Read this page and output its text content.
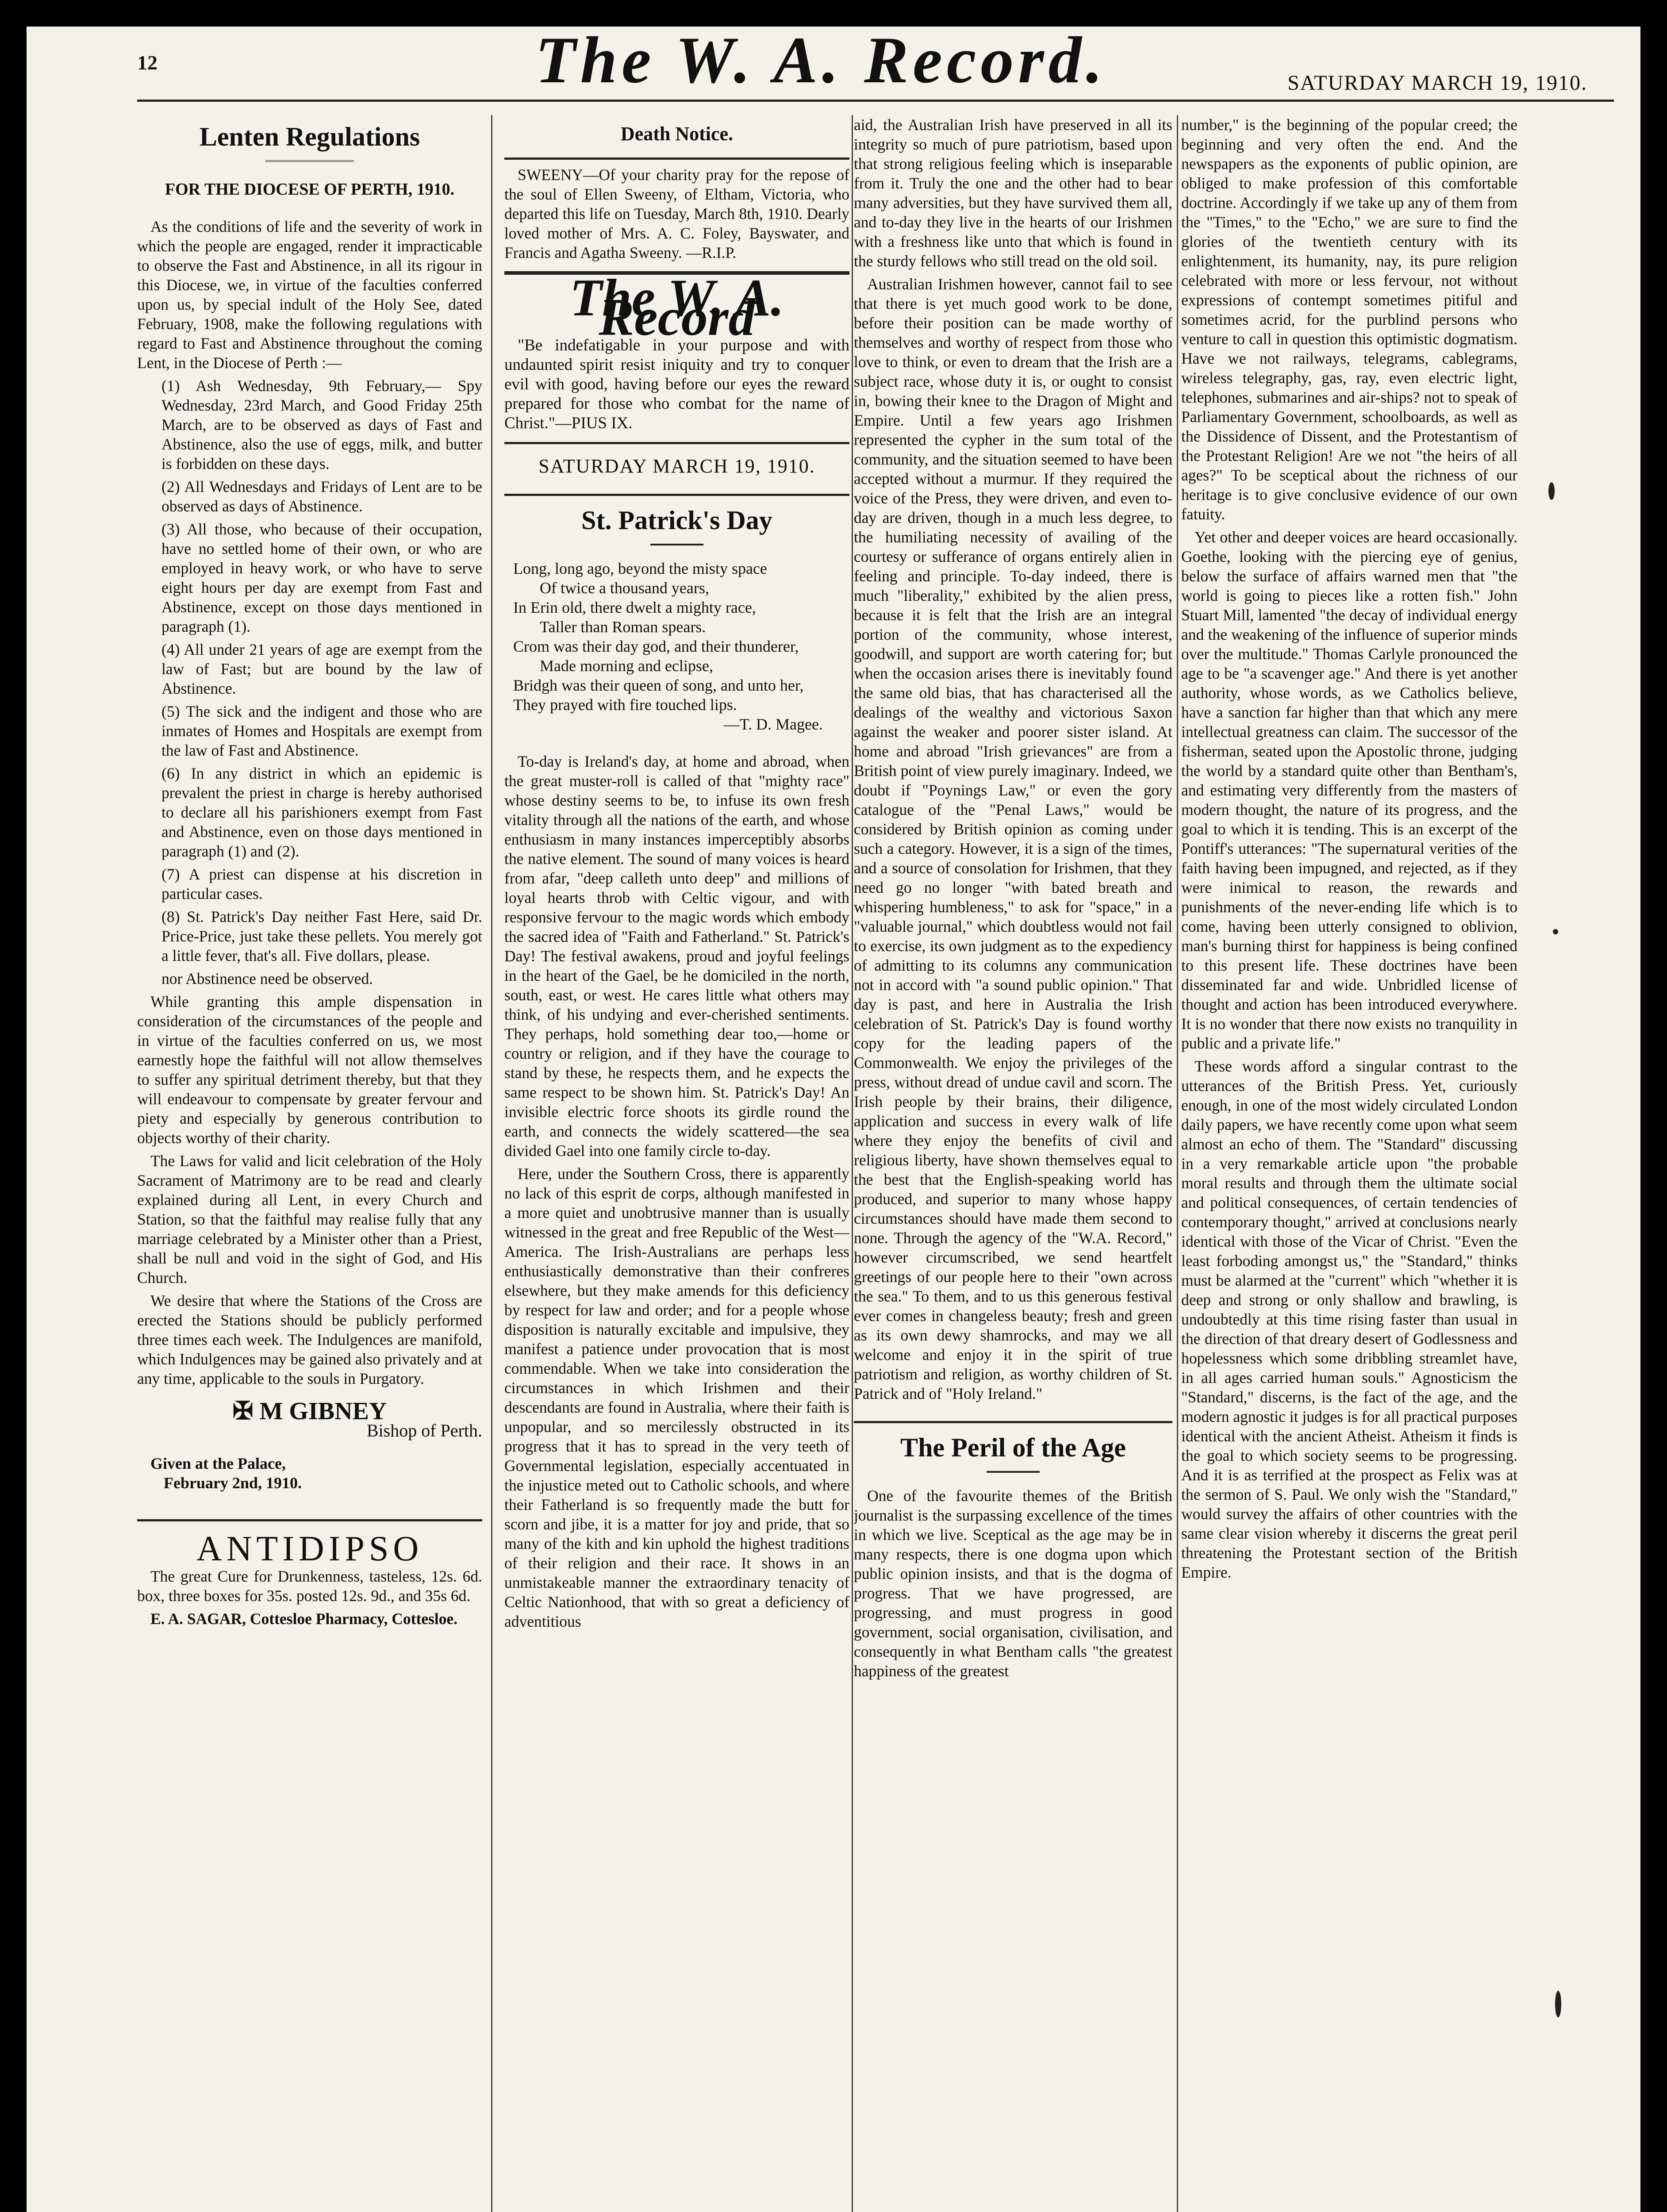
12	The W. A. Record.	SATURDAY MARCH 19, 1910.
Lenten Regulations
FOR THE DIOCESE OF PERTH, 1910.

As the conditions of life and the severity of work in which the people are engaged, render it impracticable to observe the Fast and Abstinence, in all its rigour in this Diocese, we, in virtue of the faculties conferred upon us, by special indult of the Holy See, dated February, 1908, make the following regulations with regard to Fast and Abstinence throughout the coming Lent, in the Diocese of Perth :—

(1) Ash Wednesday, 9th February,— Spy Wednesday, 23rd March, and Good Friday 25th March, are to be observed as days of Fast and Abstinence, also the use of eggs, milk, and butter is forbidden on these days.

(2) All Wednesdays and Fridays of Lent are to be observed as days of Abstinence.

(3) All those, who because of their occupation, have no settled home of their own, or who are employed in heavy work, or who have to serve eight hours per day are exempt from Fast and Abstinence, except on those days mentioned in paragraph (1).

(4) All under 21 years of age are exempt from the law of Fast; but are bound by the law of Abstinence.

(5) The sick and the indigent and those who are inmates of Homes and Hospitals are exempt from the law of Fast and Abstinence.

(6) In any district in which an epidemic is prevalent the priest in charge is hereby authorised to declare all his parishioners exempt from Fast and Abstinence, even on those days mentioned in paragraph (1) and (2).

(7) A priest can dispense at his discretion in particular cases.

(8) St. Patrick's Day neither Fast Here, said Dr. Price-Price, just take these pellets. You merely got a little fever, that's all. Five dollars, please.

nor Abstinence need be observed.

While granting this ample dispensation in consideration of the circumstances of the people and in virtue of the faculties conferred on us, we most earnestly hope the faithful will not allow themselves to suffer any spiritual detriment thereby, but that they will endeavour to compensate by greater fervour and piety and especially by generous contribution to objects worthy of their charity.

The Laws for valid and licit celebration of the Holy Sacrament of Matrimony are to be read and clearly explained during all Lent, in every Church and Station, so that the faithful may realise fully that any marriage celebrated by a Minister other than a Priest, shall be null and void in the sight of God, and His Church.

We desire that where the Stations of the Cross are erected the Stations should be publicly performed three times each week. The Indulgences are manifold, which Indulgences may be gained also privately and at any time, applicable to the souls in Purgatory.

✠ M GIBNEY
Bishop of Perth.
Given at the Palace,
February 2nd, 1910.
ANTIDIPSO

The great Cure for Drunkenness, tasteless, 12s. 6d. box, three boxes for 35s. posted 12s. 9d., and 35s 6d.

E. A. SAGAR, Cottesloe Pharmacy, Cottesloe.

Death Notice.

SWEENY—Of your charity pray for the repose of the soul of Ellen Sweeny, of Eltham, Victoria, who departed this life on Tuesday, March 8th, 1910. Dearly loved mother of Mrs. A. C. Foley, Bayswater, and Francis and Agatha Sweeny. —R.I.P.

The W. A. Record

"Be indefatigable in your purpose and with undaunted spirit resist iniquity and try to conquer evil with good, having before our eyes the reward prepared for those who combat for the name of Christ."—PIUS IX.

SATURDAY MARCH 19, 1910.
St. Patrick's Day
Long, long ago, beyond the misty space
Of twice a thousand years,
In Erin old, there dwelt a mighty race,
Taller than Roman spears.
Crom was their day god, and their thunderer,
Made morning and eclipse,
Bridgh was their queen of song, and unto her,
They prayed with fire touched lips.
—T. D. Magee.

To-day is Ireland's day, at home and abroad, when the great muster-roll is called of that "mighty race" whose destiny seems to be, to infuse its own fresh vitality through all the nations of the earth, and whose enthusiasm in many instances imperceptibly absorbs the native element. The sound of many voices is heard from afar, "deep calleth unto deep" and millions of loyal hearts throb with Celtic vigour, and with responsive fervour to the magic words which embody the sacred idea of "Faith and Fatherland." St. Patrick's Day! The festival awakens, proud and joyful feelings in the heart of the Gael, be he domiciled in the north, south, east, or west. He cares little what others may think, of his undying and ever-cherished sentiments. They perhaps, hold something dear too,—home or country or religion, and if they have the courage to stand by these, he respects them, and he expects the same respect to be shown him. St. Patrick's Day! An invisible electric force shoots its girdle round the earth, and connects the widely scattered—the sea divided Gael into one family circle to-day.

Here, under the Southern Cross, there is apparently no lack of this esprit de corps, although manifested in a more quiet and unobtrusive manner than is usually witnessed in the great and free Republic of the West—America. The Irish-Australians are perhaps less enthusiastically demonstrative than their confreres elsewhere, but they make amends for this deficiency by respect for law and order; and for a people whose disposition is naturally excitable and impulsive, they manifest a patience under provocation that is most commendable. When we take into consideration the circumstances in which Irishmen and their descendants are found in Australia, where their faith is unpopular, and so mercilessly obstructed in its progress that it has to spread in the very teeth of Governmental legislation, especially accentuated in the injustice meted out to Catholic schools, and where their Fatherland is so frequently made the butt for scorn and jibe, it is a matter for joy and pride, that so many of the kith and kin uphold the highest traditions of their religion and their race. It shows in an unmistakeable manner the extraordinary tenacity of Celtic Nationhood, that with so great a deficiency of adventitious

aid, the Australian Irish have preserved in all its integrity so much of pure patriotism, based upon that strong religious feeling which is inseparable from it. Truly the one and the other had to bear many adversities, but they have survived them all, and to-day they live in the hearts of our Irishmen with a freshness like unto that which is found in the sturdy fellows who still tread on the old soil.

Australian Irishmen however, cannot fail to see that there is yet much good work to be done, before their position can be made worthy of themselves and worthy of respect from those who love to think, or even to dream that the Irish are a subject race, whose duty it is, or ought to consist in, bowing their knee to the Dragon of Might and Empire. Until a few years ago Irishmen represented the cypher in the sum total of the community, and the situation seemed to have been accepted without a murmur. If they required the voice of the Press, they were driven, and even to-day are driven, though in a much less degree, to the humiliating necessity of availing of the courtesy or sufferance of organs entirely alien in feeling and principle. To-day indeed, there is much "liberality," exhibited by the alien press, because it is felt that the Irish are an integral portion of the community, whose interest, goodwill, and support are worth catering for; but when the occasion arises there is inevitably found the same old bias, that has characterised all the dealings of the wealthy and victorious Saxon against the weaker and poorer sister island. At home and abroad "Irish grievances" are from a British point of view purely imaginary. Indeed, we doubt if "Poynings Law," or even the gory catalogue of the "Penal Laws," would be considered by British opinion as coming under such a category. However, it is a sign of the times, and a source of consolation for Irishmen, that they need go no longer "with bated breath and whispering humbleness," to ask for "space," in a "valuable journal," which doubtless would not fail to exercise, its own judgment as to the expediency of admitting to its columns any communication not in accord with "a sound public opinion." That day is past, and here in Australia the Irish celebration of St. Patrick's Day is found worthy copy for the leading papers of the Commonwealth. We enjoy the privileges of the press, without dread of undue cavil and scorn. The Irish people by their brains, their diligence, application and success in every walk of life where they enjoy the benefits of civil and religious liberty, have shown themselves equal to the best that the English-speaking world has produced, and superior to many whose happy circumstances should have made them second to none. Through the agency of the "W.A. Record," however circumscribed, we send heartfelt greetings of our people here to their "own across the sea." To them, and to us this generous festival ever comes in changeless beauty; fresh and green as its own dewy shamrocks, and may we all welcome and enjoy it in the spirit of true patriotism and religion, as worthy children of St. Patrick and of "Holy Ireland."

The Peril of the Age

One of the favourite themes of the British journalist is the surpassing excellence of the times in which we live. Sceptical as the age may be in many respects, there is one dogma upon which public opinion insists, and that is the dogma of progress. That we have progressed, are progressing, and must progress in good government, social organisation, civilisation, and consequently in what Bentham calls "the greatest happiness of the greatest

number," is the beginning of the popular creed; the beginning and very often the end. And the newspapers as the exponents of public opinion, are obliged to make profession of this comfortable doctrine. Accordingly if we take up any of them from the "Times," to the "Echo," we are sure to find the glories of the twentieth century with its enlightenment, its humanity, nay, its pure religion celebrated with more or less fervour, not without expressions of contempt sometimes pitiful and sometimes acrid, for the purblind persons who venture to call in question this optimistic dogmatism. Have we not railways, telegrams, cablegrams, wireless telegraphy, gas, ray, even electric light, telephones, submarines and air-ships? not to speak of Parliamentary Government, schoolboards, as well as the Dissidence of Dissent, and the Protestantism of the Protestant Religion! Are we not "the heirs of all ages?" To be sceptical about the richness of our heritage is to give conclusive evidence of our own fatuity.

Yet other and deeper voices are heard occasionally. Goethe, looking with the piercing eye of genius, below the surface of affairs warned men that "the world is going to pieces like a rotten fish." John Stuart Mill, lamented "the decay of individual energy and the weakening of the influence of superior minds over the multitude." Thomas Carlyle pronounced the age to be "a scavenger age." And there is yet another authority, whose words, as we Catholics believe, have a sanction far higher than that which any mere intellectual greatness can claim. The successor of the fisherman, seated upon the Apostolic throne, judging the world by a standard quite other than Bentham's, and estimating very differently from the masters of modern thought, the nature of its progress, and the goal to which it is tending. This is an excerpt of the Pontiff's utterances: "The supernatural verities of the faith having been impugned, and rejected, as if they were inimical to reason, the rewards and punishments of the never-ending life which is to come, having been utterly consigned to oblivion, man's burning thirst for happiness is being confined to this present life. These doctrines have been disseminated far and wide. Unbridled license of thought and action has been introduced everywhere. It is no wonder that there now exists no tranquility in public and a private life."

These words afford a singular contrast to the utterances of the British Press. Yet, curiously enough, in one of the most widely circulated London daily papers, we have recently come upon what seem almost an echo of them. The "Standard" discussing in a very remarkable article upon "the probable moral results and through them the ultimate social and political consequences, of certain tendencies of contemporary thought," arrived at conclusions nearly identical with those of the Vicar of Christ. "Even the least forboding amongst us," the "Standard," thinks must be alarmed at the "current" which "whether it is deep and strong or only shallow and brawling, is undoubtedly at this time rising faster than usual in the direction of that dreary desert of Godlessness and hopelessness which some dribbling streamlet have, in all ages carried human souls." Agnosticism the "Standard," discerns, is the fact of the age, and the modern agnostic it judges is for all practical purposes identical with the ancient Atheist. Atheism it finds is the goal to which society seems to be progressing. And it is as terrified at the prospect as Felix was at the sermon of S. Paul. We only wish the "Standard," would survey the affairs of other countries with the same clear vision whereby it discerns the great peril threatening the Protestant section of the British Empire.
